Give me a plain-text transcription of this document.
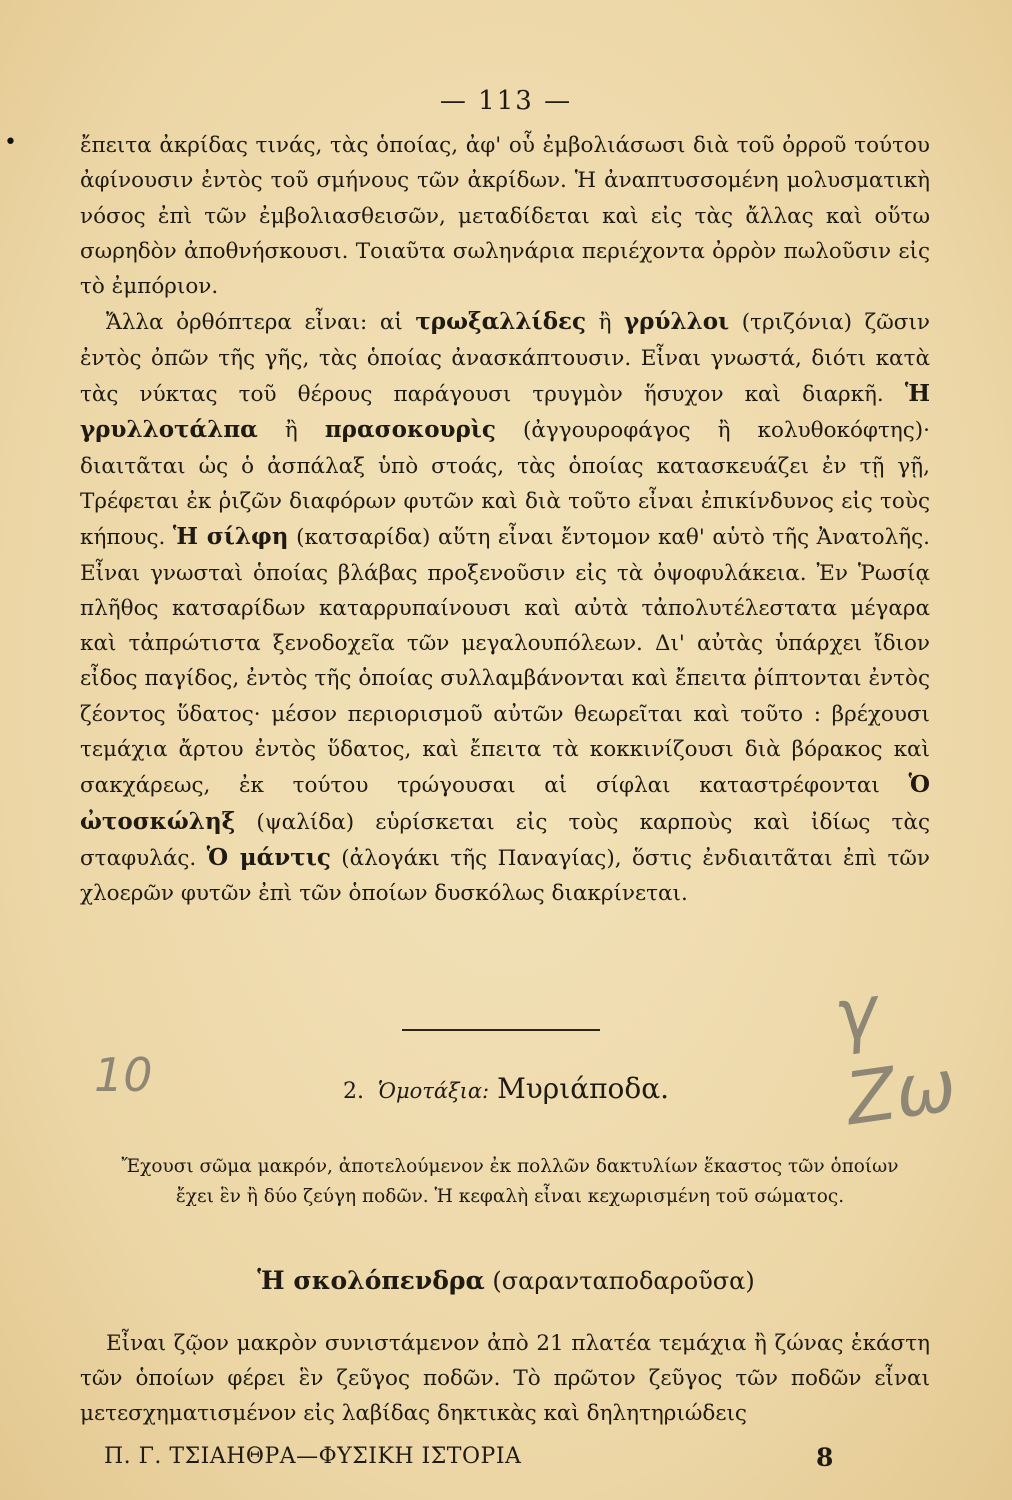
— 113 —
•	ἔπειτα ἀκρίδας τινάς, τὰς ὁποίας, ἀφ' οὗ ἐμβολιάσωσι διὰ τοῦ ὀρροῦ τούτου ἀφίνουσιν ἐντὸς τοῦ σμήνους τῶν ἀκρίδων. Ἡ ἀναπτυσσομένη μολυσματικὴ νόσος ἐπὶ τῶν ἐμβολιασθεισῶν, μεταδίδεται καὶ εἰς τὰς ἄλλας καὶ οὕτω σωρηδὸν ἀποθνήσκουσι. Τοιαῦτα σωληνάρια περιέχοντα ὀρρὸν πωλοῦσιν εἰς τὸ ἐμπόριον.

Ἄλλα ὀρθόπτερα εἶναι: αἱ τρωξαλλίδες ἢ γρύλλοι (τριζόνια) ζῶσιν ἐντὸς ὀπῶν τῆς γῆς, τὰς ὁποίας ἀνασκάπτουσιν. Εἶναι γνωστά, διότι κατὰ τὰς νύκτας τοῦ θέρους παράγουσι τρυγμὸν ἥσυχον καὶ διαρκῆ. Ἡ γρυλλοτάλπα ἢ πρασοκουρὶς (ἀγγουροφάγος ἢ κολυθοκόφτης)· διαιτᾶται ὡς ὁ ἀσπάλαξ ὑπὸ στοάς, τὰς ὁποίας κατασκευάζει ἐν τῇ γῇ, Τρέφεται ἐκ ῥιζῶν διαφόρων φυτῶν καὶ διὰ τοῦτο εἶναι ἐπικίνδυνος εἰς τοὺς κήπους. Ἡ σίλφη (κατσαρίδα) αὕτη εἶναι ἔντομον καθ' αὑτὸ τῆς Ἀνατολῆς. Εἶναι γνωσταὶ ὁποίας βλάβας προξενοῦσιν εἰς τὰ ὀψοφυλάκεια. Ἐν Ῥωσίᾳ πλῆθος κατσαρίδων καταρρυπαίνουσι καὶ αὐτὰ τἀπολυτέλεστατα μέγαρα καὶ τἀπρώτιστα ξενοδοχεῖα τῶν μεγαλουπόλεων. Δι' αὐτὰς ὑπάρχει ἴδιον εἶδος παγίδος, ἐντὸς τῆς ὁποίας συλλαμβάνονται καὶ ἔπειτα ῥίπτονται ἐντὸς ζέοντος ὕδατος· μέσον περιορισμοῦ αὐτῶν θεωρεῖται καὶ τοῦτο : βρέχουσι τεμάχια ἄρτου ἐντὸς ὕδατος, καὶ ἔπειτα τὰ κοκκινίζουσι διὰ βόρακος καὶ σακχάρεως, ἐκ τούτου τρώγουσαι αἱ σίφλαι καταστρέφονται Ὁ ὠτοσκώληξ (ψαλίδα) εὑρίσκεται εἰς τοὺς καρποὺς καὶ ἰδίως τὰς σταφυλάς. Ὁ μάντις (ἀλογάκι τῆς Παναγίας), ὅστις ἐνδιαιτᾶται ἐπὶ τῶν χλοερῶν φυτῶν ἐπὶ τῶν ὁποίων δυσκόλως διακρίνεται.

γ Ζω
10	2. Ὁμοτάξια: Μυριάποδα.
Ἔχουσι σῶμα μακρόν, ἀποτελούμενον ἐκ πολλῶν δακτυλίων ἕκαστος τῶν ὁποίων ἔχει ἓν ἢ δύο ζεύγη ποδῶν. Ἡ κεφαλὴ εἶναι κεχωρισμένη τοῦ σώματος.
Ἡ σκολόπενδρα (σαρανταποδαροῦσα)

Εἶναι ζῷον μακρὸν συνιστάμενον ἀπὸ 21 πλατέα τεμάχια ἢ ζώνας ἑκάστη τῶν ὁποίων φέρει ἓν ζεῦγος ποδῶν. Τὸ πρῶτον ζεῦγος τῶν ποδῶν εἶναι μετεσχηματισμένον εἰς λαβίδας δηκτικὰς καὶ δηλητηριώδεις

Π. Γ. ΤΣΙΑΗΘΡΑ—ΦΥΣΙΚΗ ΙΣΤΟΡΙΑ	8
